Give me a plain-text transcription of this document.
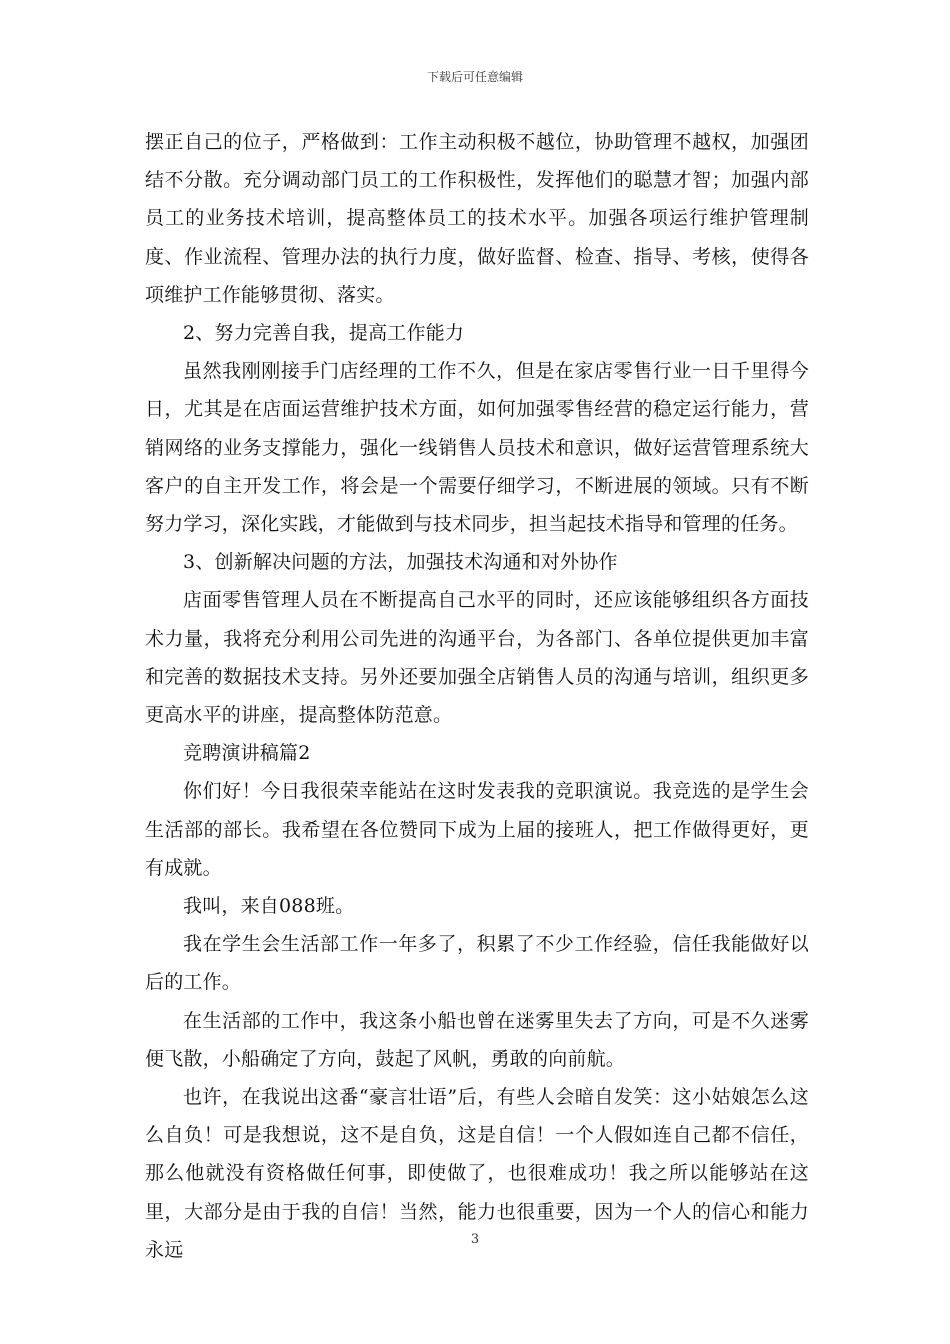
下载后可任意编辑

摆正自己的位子，严格做到：工作主动积极不越位，协助管理不越权，加强团结不分散。充分调动部门员工的工作积极性，发挥他们的聪慧才智；加强内部员工的业务技术培训，提高整体员工的技术水平。加强各项运行维护管理制度、作业流程、管理办法的执行力度，做好监督、检查、指导、考核，使得各项维护工作能够贯彻、落实。

2、努力完善自我，提高工作能力

虽然我刚刚接手门店经理的工作不久，但是在家店零售行业一日千里得今日，尤其是在店面运营维护技术方面，如何加强零售经营的稳定运行能力，营销网络的业务支撑能力，强化一线销售人员技术和意识，做好运营管理系统大客户的自主开发工作，将会是一个需要仔细学习，不断进展的领域。只有不断努力学习，深化实践，才能做到与技术同步，担当起技术指导和管理的任务。

3、创新解决问题的方法，加强技术沟通和对外协作

店面零售管理人员在不断提高自己水平的同时，还应该能够组织各方面技术力量，我将充分利用公司先进的沟通平台，为各部门、各单位提供更加丰富和完善的数据技术支持。另外还要加强全店销售人员的沟通与培训，组织更多更高水平的讲座，提高整体防范意。

竞聘演讲稿篇2

你们好！今日我很荣幸能站在这时发表我的竞职演说。我竞选的是学生会生活部的部长。我希望在各位赞同下成为上届的接班人，把工作做得更好，更有成就。

我叫，来自088班。

我在学生会生活部工作一年多了，积累了不少工作经验，信任我能做好以后的工作。

在生活部的工作中，我这条小船也曾在迷雾里失去了方向，可是不久迷雾便飞散，小船确定了方向，鼓起了风帆，勇敢的向前航。

也许，在我说出这番“豪言壮语”后，有些人会暗自发笑：这小姑娘怎么这么自负！可是我想说，这不是自负，这是自信！一个人假如连自己都不信任，那么他就没有资格做任何事，即使做了，也很难成功！我之所以能够站在这里，大部分是由于我的自信！当然，能力也很重要，因为一个人的信心和能力永远	3
